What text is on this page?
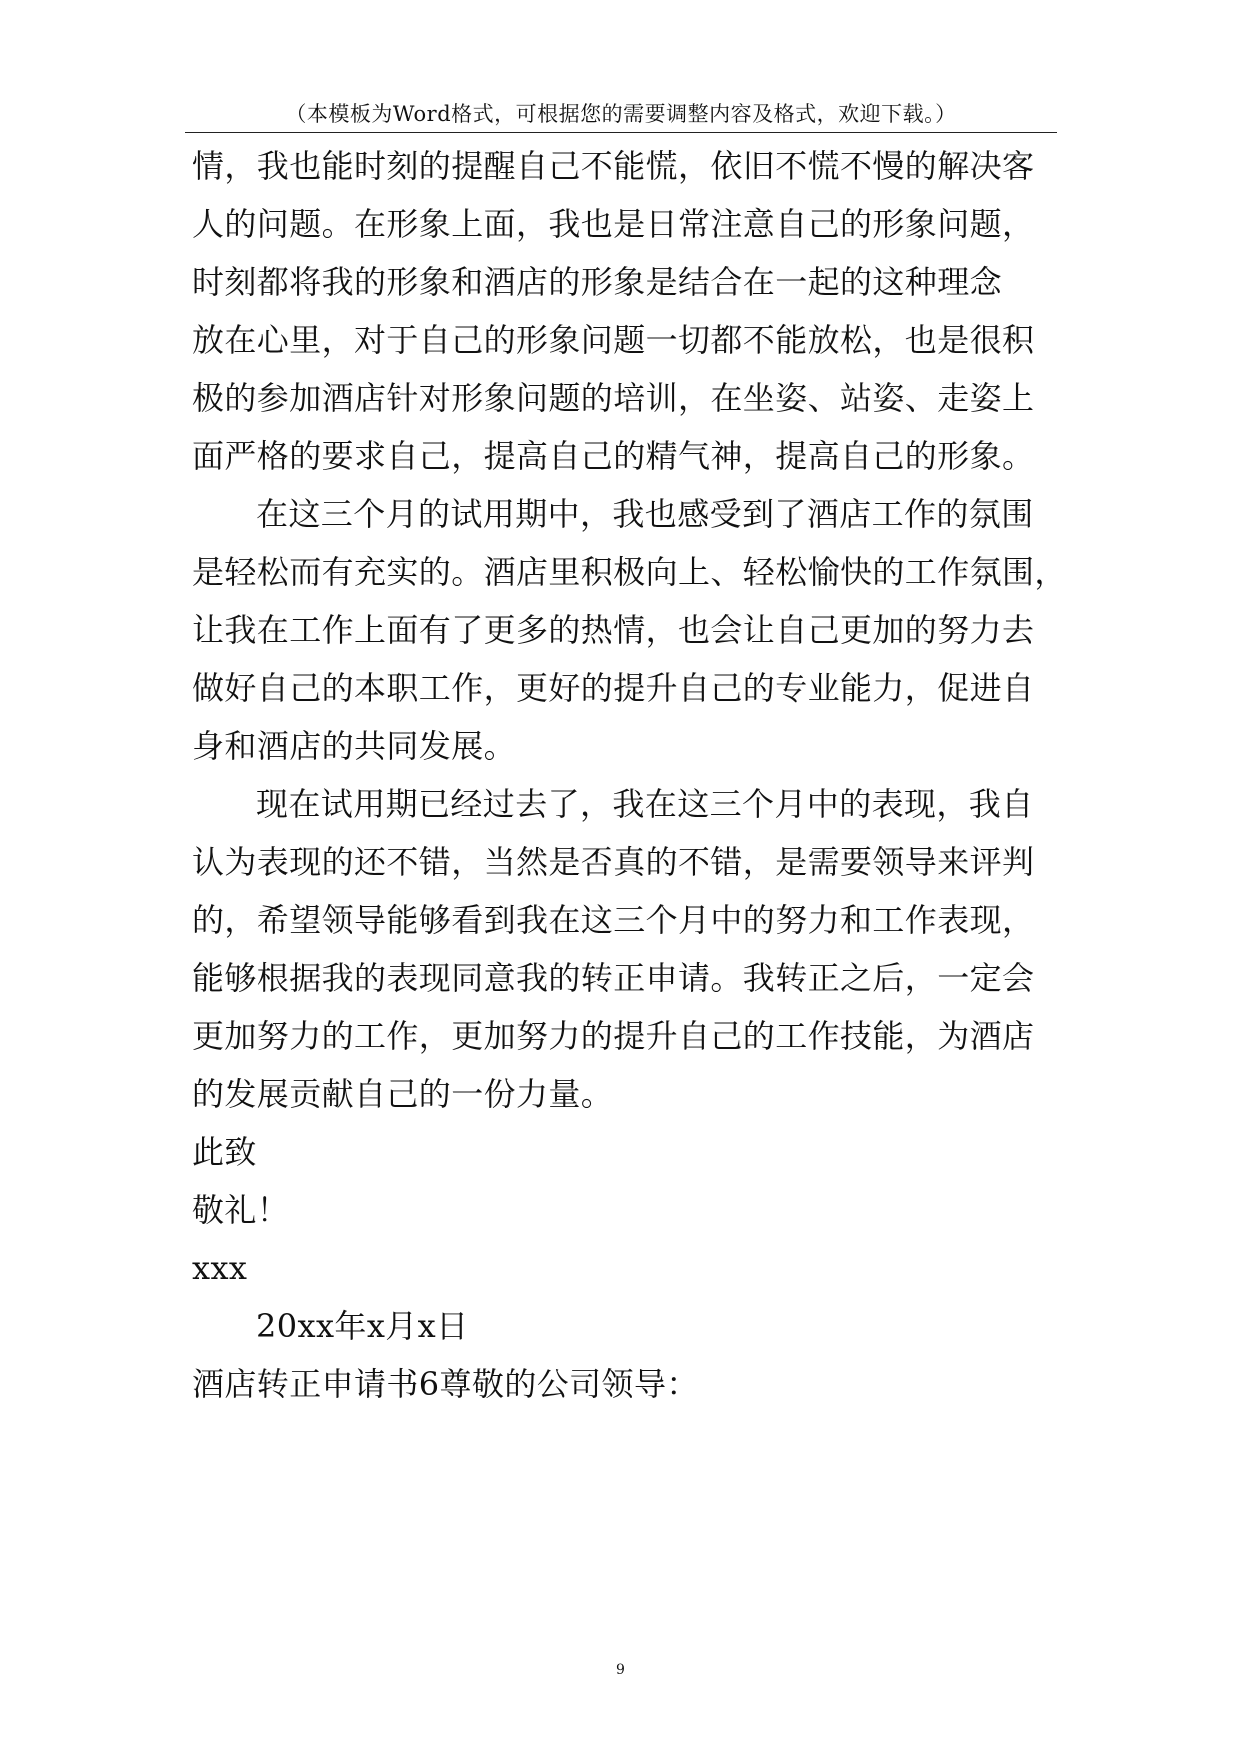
（本模板为Word格式，可根据您的需要调整内容及格式，欢迎下载。）
情，我也能时刻的提醒自己不能慌，依旧不慌不慢的解决客
人的问题。在形象上面，我也是日常注意自己的形象问题，
时刻都将我的形象和酒店的形象是结合在一起的这种理念
放在心里，对于自己的形象问题一切都不能放松，也是很积
极的参加酒店针对形象问题的培训，在坐姿、站姿、走姿上
面严格的要求自己，提高自己的精气神，提高自己的形象。
在这三个月的试用期中，我也感受到了酒店工作的氛围
是轻松而有充实的。酒店里积极向上、轻松愉快的工作氛围，
让我在工作上面有了更多的热情，也会让自己更加的努力去
做好自己的本职工作，更好的提升自己的专业能力，促进自
身和酒店的共同发展。
现在试用期已经过去了，我在这三个月中的表现，我自
认为表现的还不错，当然是否真的不错，是需要领导来评判
的，希望领导能够看到我在这三个月中的努力和工作表现，
能够根据我的表现同意我的转正申请。我转正之后，一定会
更加努力的工作，更加努力的提升自己的工作技能，为酒店
的发展贡献自己的一份力量。
此致
敬礼！
xxx
20xx年x月x日
酒店转正申请书6尊敬的公司领导：
9
